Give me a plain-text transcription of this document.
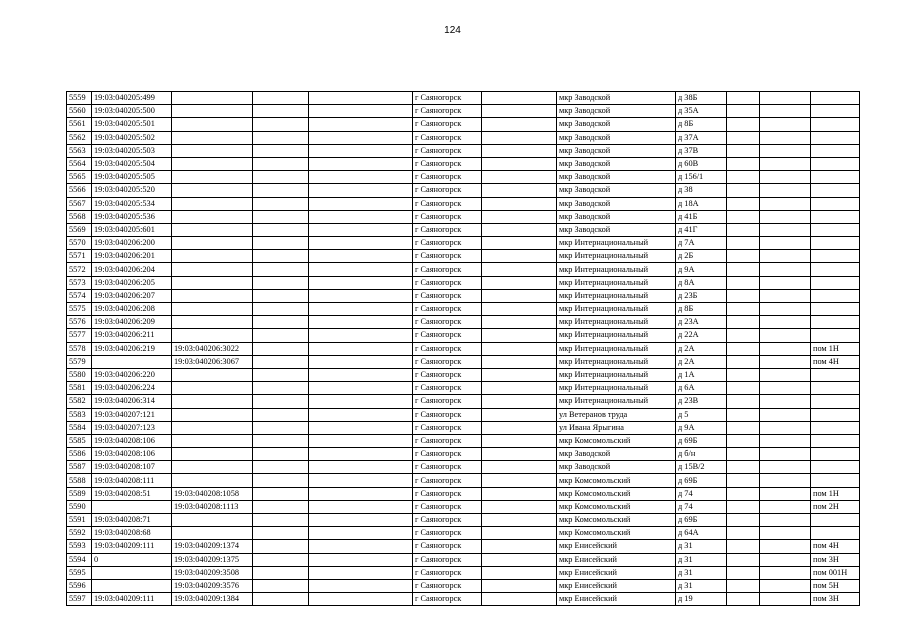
124
5559	19:03:040205:499				г Саяногорск		мкр Заводской	д 38Б			
5560	19:03:040205:500				г Саяногорск		мкр Заводской	д 35А			
5561	19:03:040205:501				г Саяногорск		мкр Заводской	д 8Б			
5562	19:03:040205:502				г Саяногорск		мкр Заводской	д 37А			
5563	19:03:040205:503				г Саяногорск		мкр Заводской	д 37В			
5564	19:03:040205:504				г Саяногорск		мкр Заводской	д 60В			
5565	19:03:040205:505				г Саяногорск		мкр Заводской	д 156/1			
5566	19:03:040205:520				г Саяногорск		мкр Заводской	д 38			
5567	19:03:040205:534				г Саяногорск		мкр Заводской	д 18А			
5568	19:03:040205:536				г Саяногорск		мкр Заводской	д 41Б			
5569	19:03:040205:601				г Саяногорск		мкр Заводской	д 41Г			
5570	19:03:040206:200				г Саяногорск		мкр Интернациональный	д 7А			
5571	19:03:040206:201				г Саяногорск		мкр Интернациональный	д 2Б			
5572	19:03:040206:204				г Саяногорск		мкр Интернациональный	д 9А			
5573	19:03:040206:205				г Саяногорск		мкр Интернациональный	д 8А			
5574	19:03:040206:207				г Саяногорск		мкр Интернациональный	д 23Б			
5575	19:03:040206:208				г Саяногорск		мкр Интернациональный	д 8Б			
5576	19:03:040206:209				г Саяногорск		мкр Интернациональный	д 23А			
5577	19:03:040206:211				г Саяногорск		мкр Интернациональный	д 22А			
5578	19:03:040206:219	19:03:040206:3022			г Саяногорск		мкр Интернациональный	д 2А			пом 1Н
5579		19:03:040206:3067			г Саяногорск		мкр Интернациональный	д 2А			пом 4Н
5580	19:03:040206:220				г Саяногорск		мкр Интернациональный	д 1А			
5581	19:03:040206:224				г Саяногорск		мкр Интернациональный	д 6А			
5582	19:03:040206:314				г Саяногорск		мкр Интернациональный	д 23В			
5583	19:03:040207:121				г Саяногорск		ул Ветеранов труда	д 5			
5584	19:03:040207:123				г Саяногорск		ул Ивана Ярыгина	д 9А			
5585	19:03:040208:106				г Саяногорск		мкр Комсомольский	д 69Б			
5586	19:03:040208:106				г Саяногорск		мкр Заводской	д б/н			
5587	19:03:040208:107				г Саяногорск		мкр Заводской	д 15В/2			
5588	19:03:040208:111				г Саяногорск		мкр Комсомольский	д 69Б			
5589	19:03:040208:51	19:03:040208:1058			г Саяногорск		мкр Комсомольский	д 74			пом 1Н
5590		19:03:040208:1113			г Саяногорск		мкр Комсомольский	д 74			пом 2Н
5591	19:03:040208:71				г Саяногорск		мкр Комсомольский	д 69Б			
5592	19:03:040208:68				г Саяногорск		мкр Комсомольский	д 64А			
5593	19:03:040209:111	19:03:040209:1374			г Саяногорск		мкр Енисейский	д 31			пом 4Н
5594	0	19:03:040209:1375			г Саяногорск		мкр Енисейский	д 31			пом 3Н
5595		19:03:040209:3508			г Саяногорск		мкр Енисейский	д 31			пом 001Н
5596		19:03:040209:3576			г Саяногорск		мкр Енисейский	д 31			пом 5Н
5597	19:03:040209:111	19:03:040209:1384			г Саяногорск		мкр Енисейский	д 19			пом 3Н
